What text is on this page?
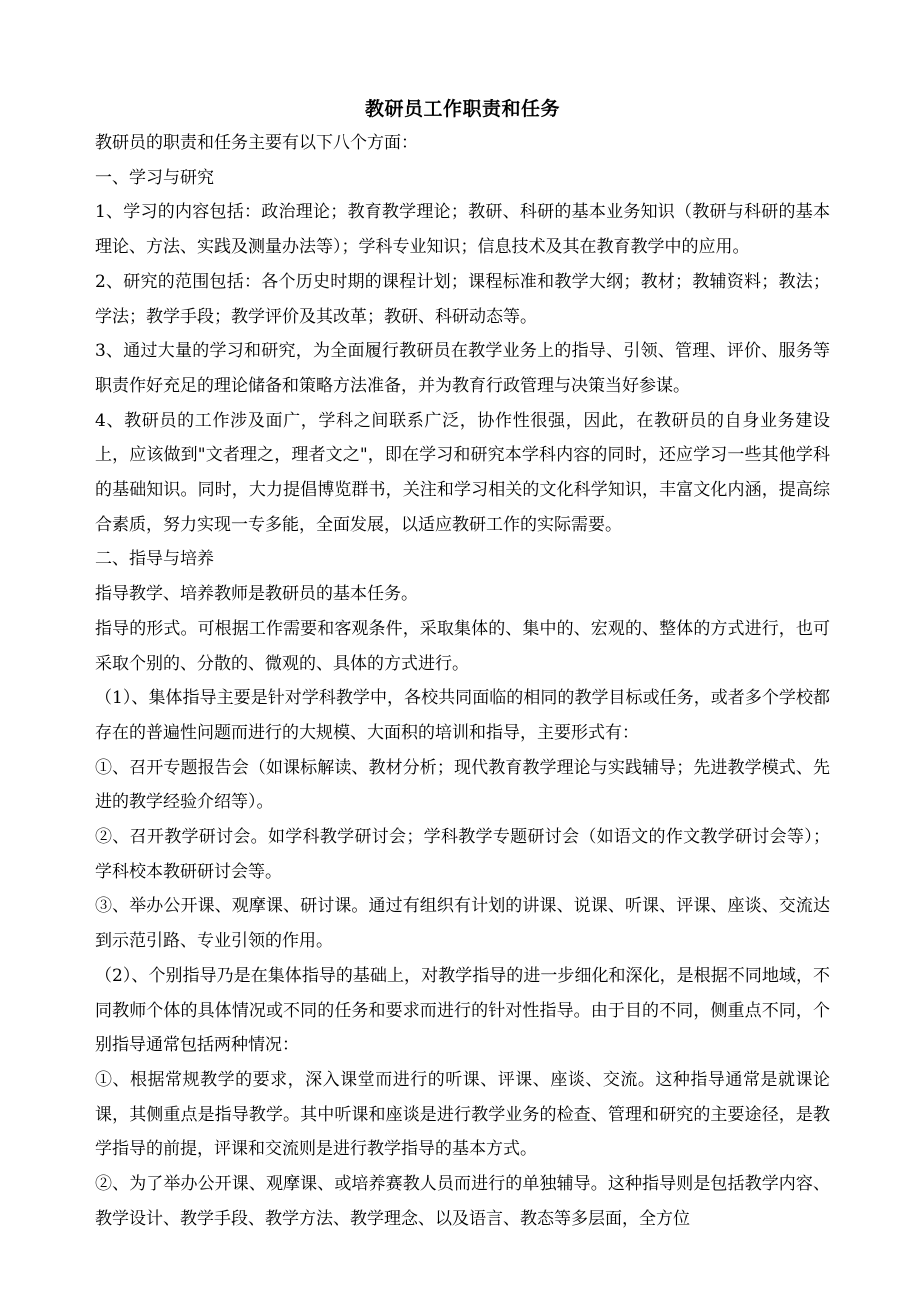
教研员工作职责和任务

教研员的职责和任务主要有以下八个方面：

一、学习与研究

1、学习的内容包括：政治理论；教育教学理论；教研、科研的基本业务知识（教研与科研的基本理论、方法、实践及测量办法等）；学科专业知识；信息技术及其在教育教学中的应用。

2、研究的范围包括：各个历史时期的课程计划；课程标准和教学大纲；教材；教辅资料；教法；学法；教学手段；教学评价及其改革；教研、科研动态等。

3、通过大量的学习和研究，为全面履行教研员在教学业务上的指导、引领、管理、评价、服务等职责作好充足的理论储备和策略方法准备，并为教育行政管理与决策当好参谋。

4、教研员的工作涉及面广，学科之间联系广泛，协作性很强，因此，在教研员的自身业务建设上，应该做到"文者理之，理者文之"，即在学习和研究本学科内容的同时，还应学习一些其他学科的基础知识。同时，大力提倡博览群书，关注和学习相关的文化科学知识，丰富文化内涵，提高综合素质，努力实现一专多能，全面发展，以适应教研工作的实际需要。

二、指导与培养

指导教学、培养教师是教研员的基本任务。

指导的形式。可根据工作需要和客观条件，采取集体的、集中的、宏观的、整体的方式进行，也可采取个别的、分散的、微观的、具体的方式进行。

（1）、集体指导主要是针对学科教学中，各校共同面临的相同的教学目标或任务，或者多个学校都存在的普遍性问题而进行的大规模、大面积的培训和指导，主要形式有：

①、召开专题报告会（如课标解读、教材分析；现代教育教学理论与实践辅导；先进教学模式、先进的教学经验介绍等）。

②、召开教学研讨会。如学科教学研讨会；学科教学专题研讨会（如语文的作文教学研讨会等）；学科校本教研研讨会等。

③、举办公开课、观摩课、研讨课。通过有组织有计划的讲课、说课、听课、评课、座谈、交流达到示范引路、专业引领的作用。

（2）、个别指导乃是在集体指导的基础上，对教学指导的进一步细化和深化，是根据不同地域，不同教师个体的具体情况或不同的任务和要求而进行的针对性指导。由于目的不同，侧重点不同，个别指导通常包括两种情况：

①、根据常规教学的要求，深入课堂而进行的听课、评课、座谈、交流。这种指导通常是就课论课，其侧重点是指导教学。其中听课和座谈是进行教学业务的检查、管理和研究的主要途径，是教学指导的前提，评课和交流则是进行教学指导的基本方式。

②、为了举办公开课、观摩课、或培养赛教人员而进行的单独辅导。这种指导则是包括教学内容、教学设计、教学手段、教学方法、教学理念、以及语言、教态等多层面，全方位
